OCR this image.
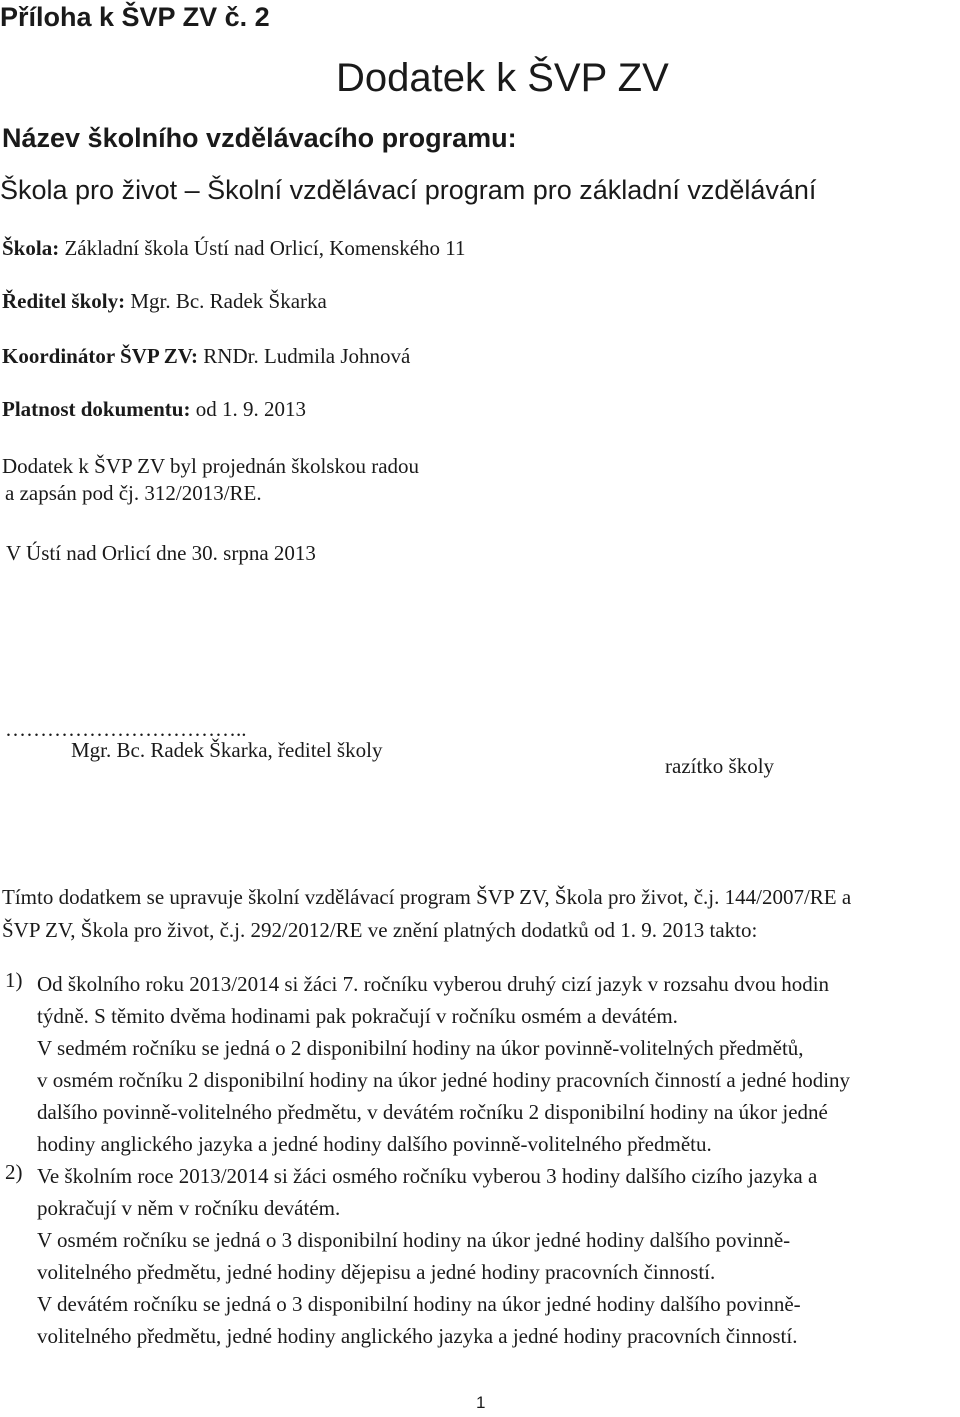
Příloha k ŠVP ZV č. 2
Dodatek k ŠVP ZV
Název školního vzdělávacího programu:
Škola pro život – Školní vzdělávací program pro základní vzdělávání
Škola: Základní škola Ústí nad Orlicí, Komenského 11
Ředitel školy: Mgr. Bc. Radek Škarka
Koordinátor ŠVP ZV: RNDr. Ludmila Johnová
Platnost dokumentu: od 1. 9. 2013
Dodatek k ŠVP ZV byl projednán školskou radou
a zapsán pod čj. 312/2013/RE.
V Ústí nad Orlicí dne 30. srpna 2013
……………………………..
Mgr. Bc. Radek Škarka, ředitel školy
razítko školy
Tímto dodatkem se upravuje školní vzdělávací program ŠVP ZV, Škola pro život, č.j. 144/2007/RE a
ŠVP ZV, Škola pro život, č.j. 292/2012/RE ve znění platných dodatků od 1. 9. 2013 takto:
1) Od školního roku 2013/2014 si žáci 7. ročníku vyberou druhý cizí jazyk v rozsahu dvou hodin
týdně. S těmito dvěma hodinami pak pokračují v ročníku osmém a devátém.
V sedmém ročníku se jedná o 2 disponibilní hodiny na úkor povinně-volitelných předmětů,
v osmém ročníku 2 disponibilní hodiny na úkor jedné hodiny pracovních činností a jedné hodiny
dalšího povinně-volitelného předmětu, v devátém ročníku 2 disponibilní hodiny na úkor jedné
hodiny anglického jazyka a jedné hodiny dalšího povinně-volitelného předmětu.
2) Ve školním roce 2013/2014 si žáci osmého ročníku vyberou 3 hodiny dalšího cizího jazyka a
pokračují v něm v ročníku devátém.
V osmém ročníku se jedná o 3 disponibilní hodiny na úkor jedné hodiny dalšího povinně-
volitelného předmětu, jedné hodiny dějepisu a jedné hodiny pracovních činností.
V devátém ročníku se jedná o 3 disponibilní hodiny na úkor jedné hodiny dalšího povinně-
volitelného předmětu, jedné hodiny anglického jazyka a jedné hodiny pracovních činností.
1
